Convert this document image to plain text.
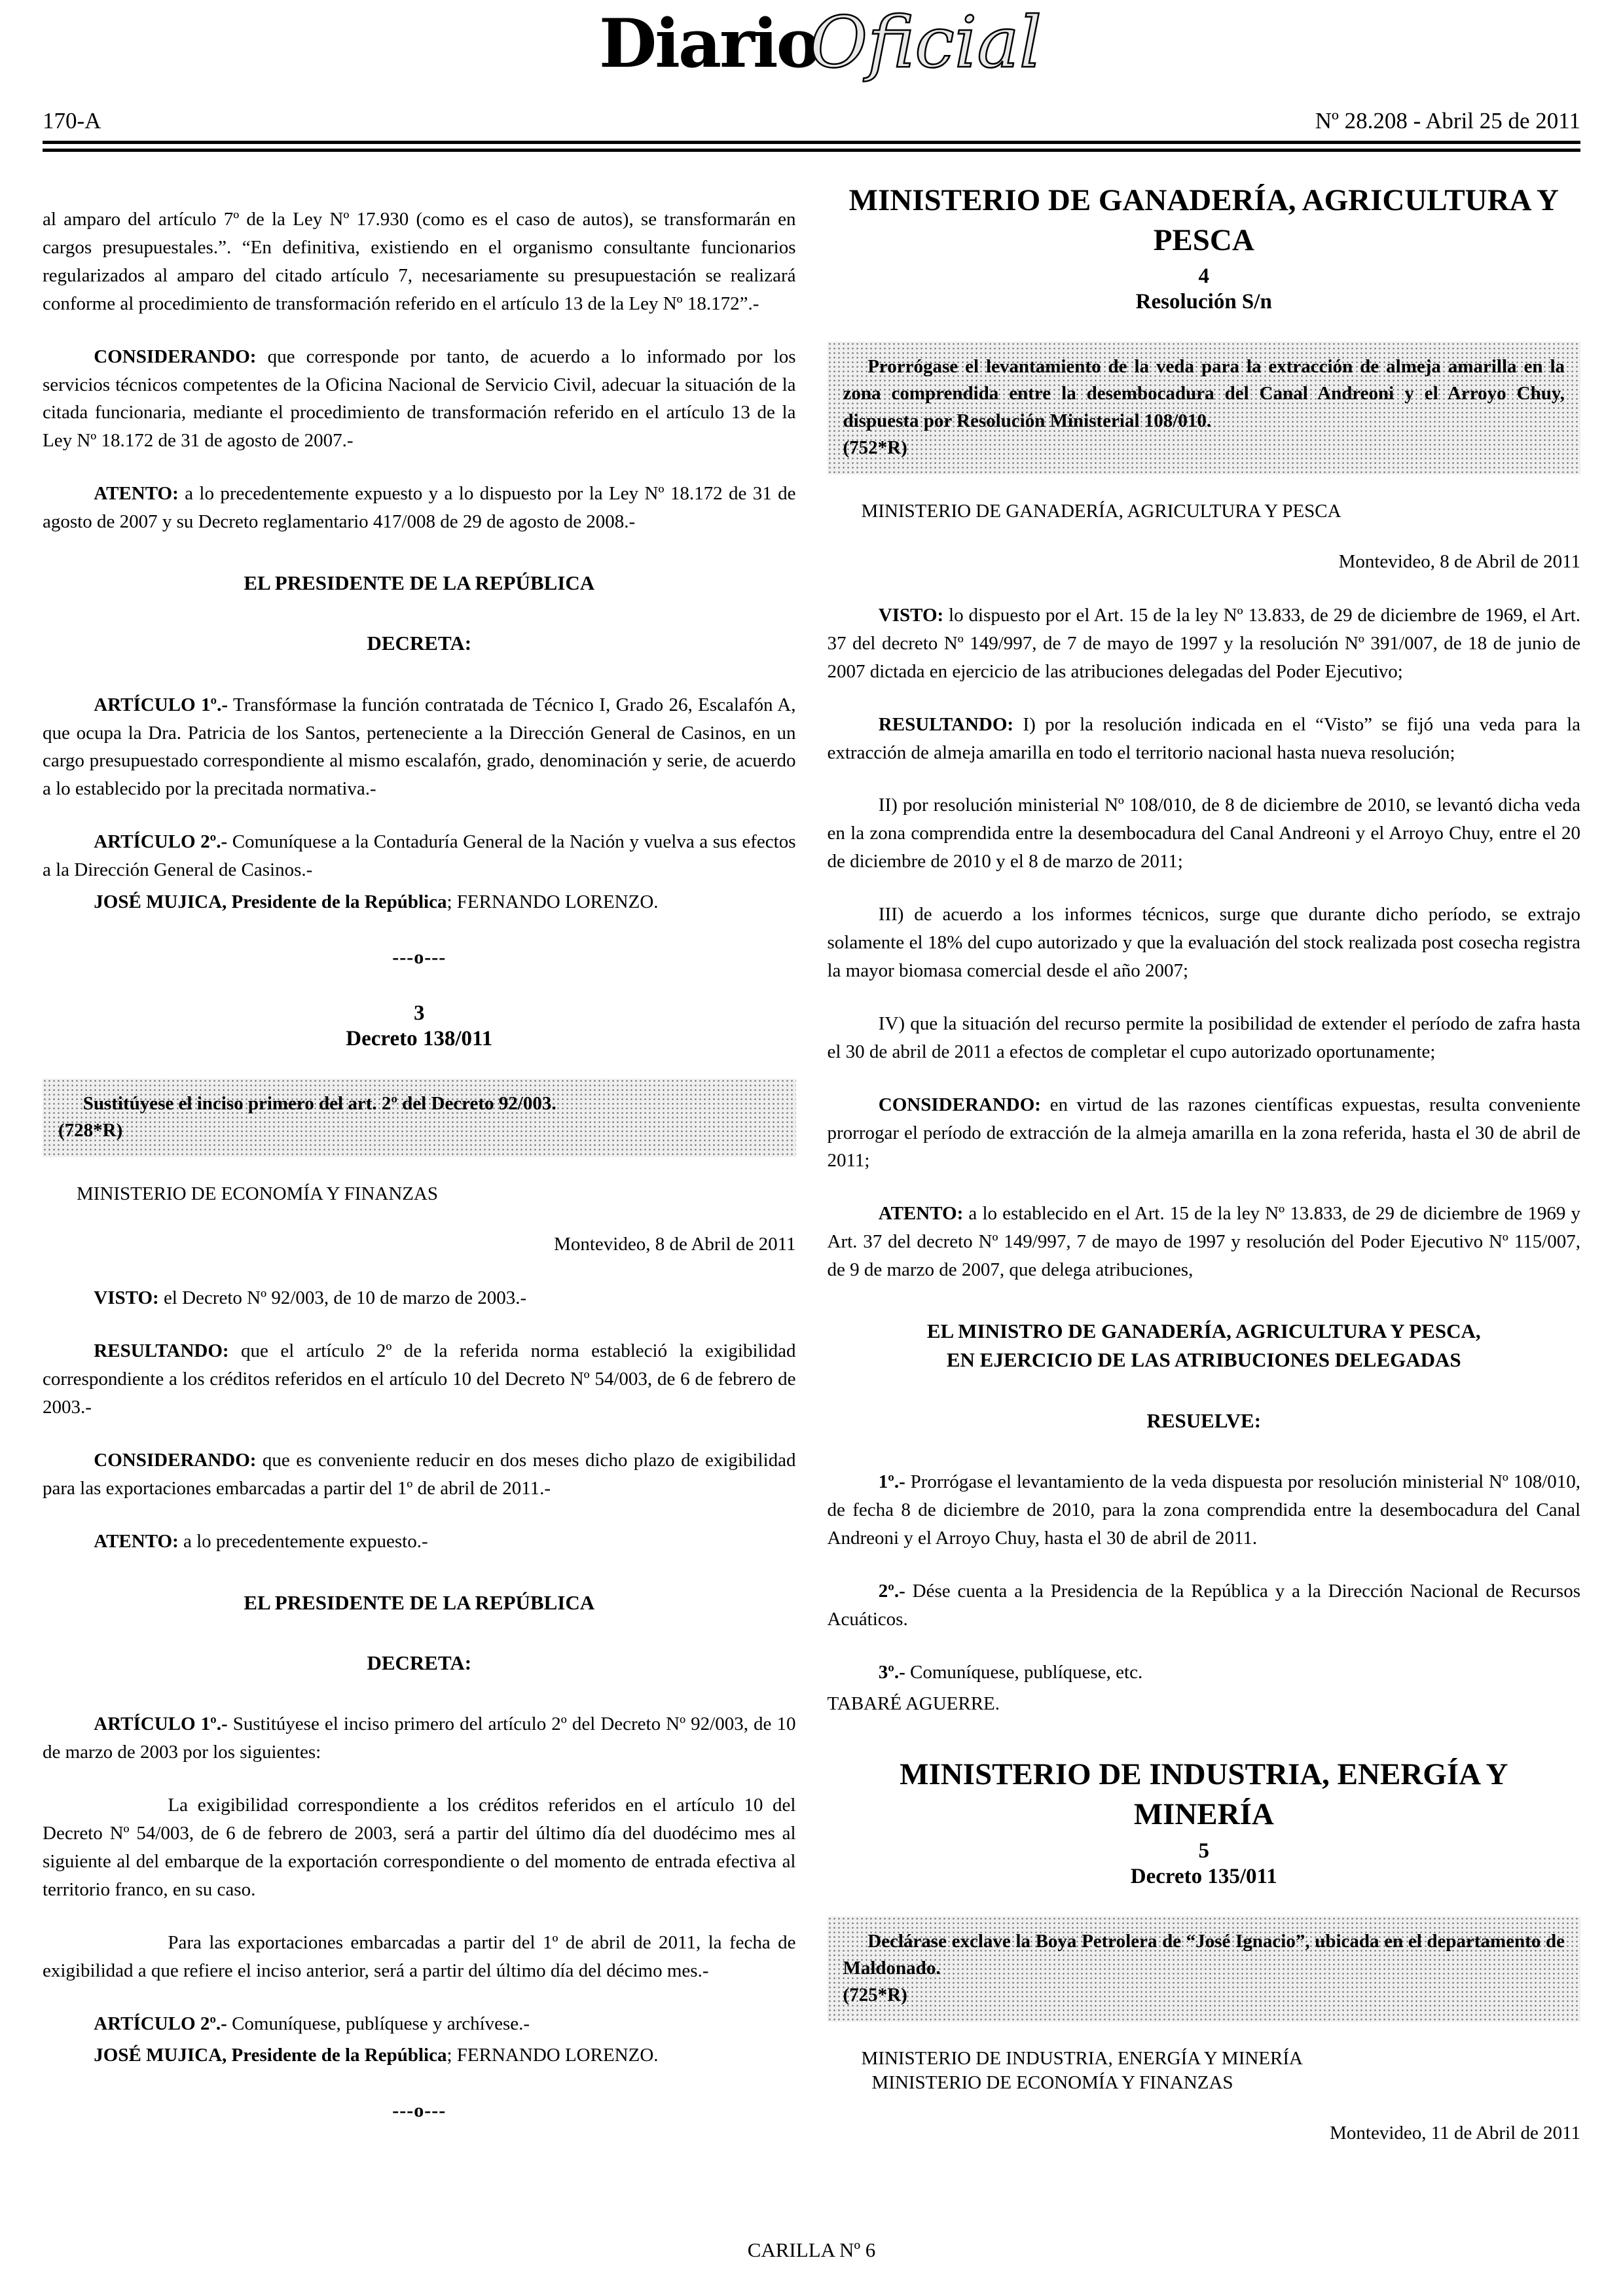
DiarioOficial
170-A	Nº 28.208 - Abril 25 de 2011

al amparo del artículo 7º de la Ley Nº 17.930 (como es el caso de autos), se transformarán en cargos presupuestales.”. “En definitiva, existiendo en el organismo consultante funcionarios regularizados al amparo del citado artículo 7, necesariamente su presupuestación se realizará conforme al procedimiento de transformación referido en el artículo 13 de la Ley Nº 18.172”.-

CONSIDERANDO: que corresponde por tanto, de acuerdo a lo informado por los servicios técnicos competentes de la Oficina Nacional de Servicio Civil, adecuar la situación de la citada funcionaria, mediante el procedimiento de transformación referido en el artículo 13 de la Ley Nº 18.172 de 31 de agosto de 2007.-

ATENTO: a lo precedentemente expuesto y a lo dispuesto por la Ley Nº 18.172 de 31 de agosto de 2007 y su Decreto reglamentario 417/008 de 29 de agosto de 2008.-

EL PRESIDENTE DE LA REPÚBLICA

DECRETA:

ARTÍCULO 1º.- Transfórmase la función contratada de Técnico I, Grado 26, Escalafón A, que ocupa la Dra. Patricia de los Santos, perteneciente a la Dirección General de Casinos, en un cargo presupuestado correspondiente al mismo escalafón, grado, denominación y serie, de acuerdo a lo establecido por la precitada normativa.-

ARTÍCULO 2º.- Comuníquese a la Contaduría General de la Nación y vuelva a sus efectos a la Dirección General de Casinos.-

JOSÉ MUJICA, Presidente de la República; FERNANDO LORENZO.

---o---

3

Decreto 138/011

Sustitúyese el inciso primero del art. 2º del Decreto 92/003.

(728*R)

MINISTERIO DE ECONOMÍA Y FINANZAS

Montevideo, 8 de Abril de 2011

VISTO: el Decreto Nº 92/003, de 10 de marzo de 2003.-

RESULTANDO: que el artículo 2º de la referida norma estableció la exigibilidad correspondiente a los créditos referidos en el artículo 10 del Decreto Nº 54/003, de 6 de febrero de 2003.-

CONSIDERANDO: que es conveniente reducir en dos meses dicho plazo de exigibilidad para las exportaciones embarcadas a partir del 1º de abril de 2011.-

ATENTO: a lo precedentemente expuesto.-

EL PRESIDENTE DE LA REPÚBLICA

DECRETA:

ARTÍCULO 1º.- Sustitúyese el inciso primero del artículo 2º del Decreto Nº 92/003, de 10 de marzo de 2003 por los siguientes:

La exigibilidad correspondiente a los créditos referidos en el artículo 10 del Decreto Nº 54/003, de 6 de febrero de 2003, será a partir del último día del duodécimo mes al siguiente al del embarque de la exportación correspondiente o del momento de entrada efectiva al territorio franco, en su caso.

Para las exportaciones embarcadas a partir del 1º de abril de 2011, la fecha de exigibilidad a que refiere el inciso anterior, será a partir del último día del décimo mes.-

ARTÍCULO 2º.- Comuníquese, publíquese y archívese.-

JOSÉ MUJICA, Presidente de la República; FERNANDO LORENZO.

---o---

MINISTERIO DE GANADERÍA, AGRICULTURA Y PESCA

4

Resolución S/n

Prorrógase el levantamiento de la veda para la extracción de almeja amarilla en la zona comprendida entre la desembocadura del Canal Andreoni y el Arroyo Chuy, dispuesta por Resolución Ministerial 108/010.

(752*R)

MINISTERIO DE GANADERÍA, AGRICULTURA Y PESCA

Montevideo, 8 de Abril de 2011

VISTO: lo dispuesto por el Art. 15 de la ley Nº 13.833, de 29 de diciembre de 1969, el Art. 37 del decreto Nº 149/997, de 7 de mayo de 1997 y la resolución Nº 391/007, de 18 de junio de 2007 dictada en ejercicio de las atribuciones delegadas del Poder Ejecutivo;

RESULTANDO: I) por la resolución indicada en el “Visto” se fijó una veda para la extracción de almeja amarilla en todo el territorio nacional hasta nueva resolución;

II) por resolución ministerial Nº 108/010, de 8 de diciembre de 2010, se levantó dicha veda en la zona comprendida entre la desembocadura del Canal Andreoni y el Arroyo Chuy, entre el 20 de diciembre de 2010 y el 8 de marzo de 2011;

III) de acuerdo a los informes técnicos, surge que durante dicho período, se extrajo solamente el 18% del cupo autorizado y que la evaluación del stock realizada post cosecha registra la mayor biomasa comercial desde el año 2007;

IV) que la situación del recurso permite la posibilidad de extender el período de zafra hasta el 30 de abril de 2011 a efectos de completar el cupo autorizado oportunamente;

CONSIDERANDO: en virtud de las razones científicas expuestas, resulta conveniente prorrogar el período de extracción de la almeja amarilla en la zona referida, hasta el 30 de abril de 2011;

ATENTO: a lo establecido en el Art. 15 de la ley Nº 13.833, de 29 de diciembre de 1969 y Art. 37 del decreto Nº 149/997, 7 de mayo de 1997 y resolución del Poder Ejecutivo Nº 115/007, de 9 de marzo de 2007, que delega atribuciones,

EL MINISTRO DE GANADERÍA, AGRICULTURA Y PESCA,

EN EJERCICIO DE LAS ATRIBUCIONES DELEGADAS

RESUELVE:

1º.- Prorrógase el levantamiento de la veda dispuesta por resolución ministerial Nº 108/010, de fecha 8 de diciembre de 2010, para la zona comprendida entre la desembocadura del Canal Andreoni y el Arroyo Chuy, hasta el 30 de abril de 2011.

2º.- Dése cuenta a la Presidencia de la República y a la Dirección Nacional de Recursos Acuáticos.

3º.- Comuníquese, publíquese, etc.

TABARÉ AGUERRE.

MINISTERIO DE INDUSTRIA, ENERGÍA Y MINERÍA

5

Decreto 135/011

Declárase exclave la Boya Petrolera de “José Ignacio”, ubicada en el departamento de Maldonado.

(725*R)

MINISTERIO DE INDUSTRIA, ENERGÍA Y MINERÍA

MINISTERIO DE ECONOMÍA Y FINANZAS

Montevideo, 11 de Abril de 2011

CARILLA Nº 6
